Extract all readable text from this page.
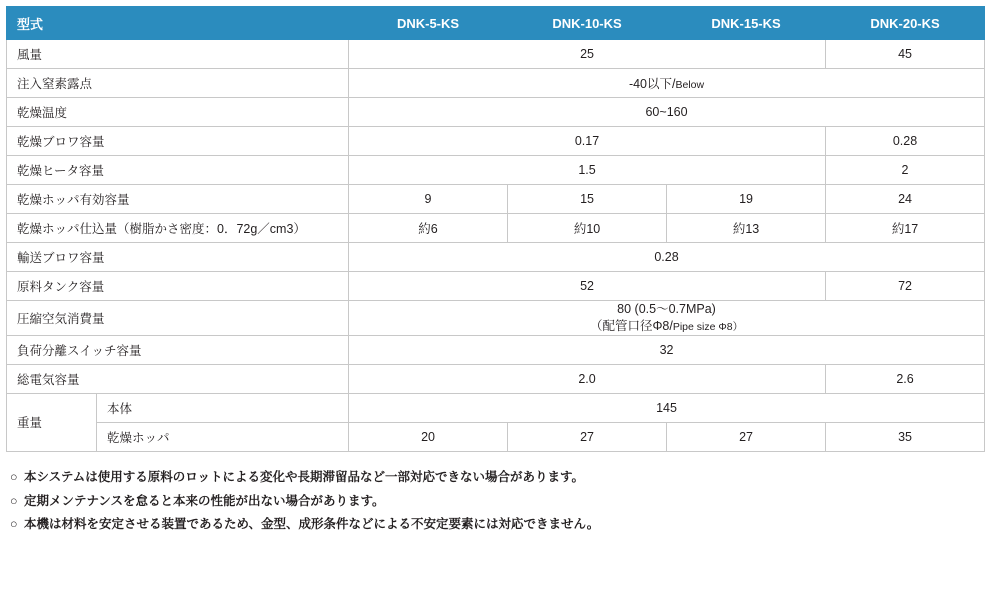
型式		DNK-5-KS	DNK-10-KS	DNK-15-KS	DNK-20-KS
風量		25			45
注入窒素露点		-40以下/Below			
乾燥温度		60~160			
乾燥ブロワ容量		0.17			0.28
乾燥ヒータ容量		1.5			2
乾燥ホッパ有効容量		9	15	19	24
乾燥ホッパ仕込量（樹脂かさ密度：0．72g／cm3）		約6	約10	約13	約17
輸送ブロワ容量		0.28			
原料タンク容量		52			72
圧縮空気消費量		80 (0.5～0.7MPa)
（配管口径Φ8/Pipe size Φ8）			

負荷分離スイッチ容量		32			
総電気容量		2.0			2.6
重量	本体	145			
	乾燥ホッパ	20	27	27	35
○ 本システムは使用する原料のロットによる変化や長期滞留品など一部対応できない場合があります。
○ 定期メンテナンスを怠ると本来の性能が出ない場合があります。
○ 本機は材料を安定させる装置であるため、金型、成形条件などによる不安定要素には対応できません。
